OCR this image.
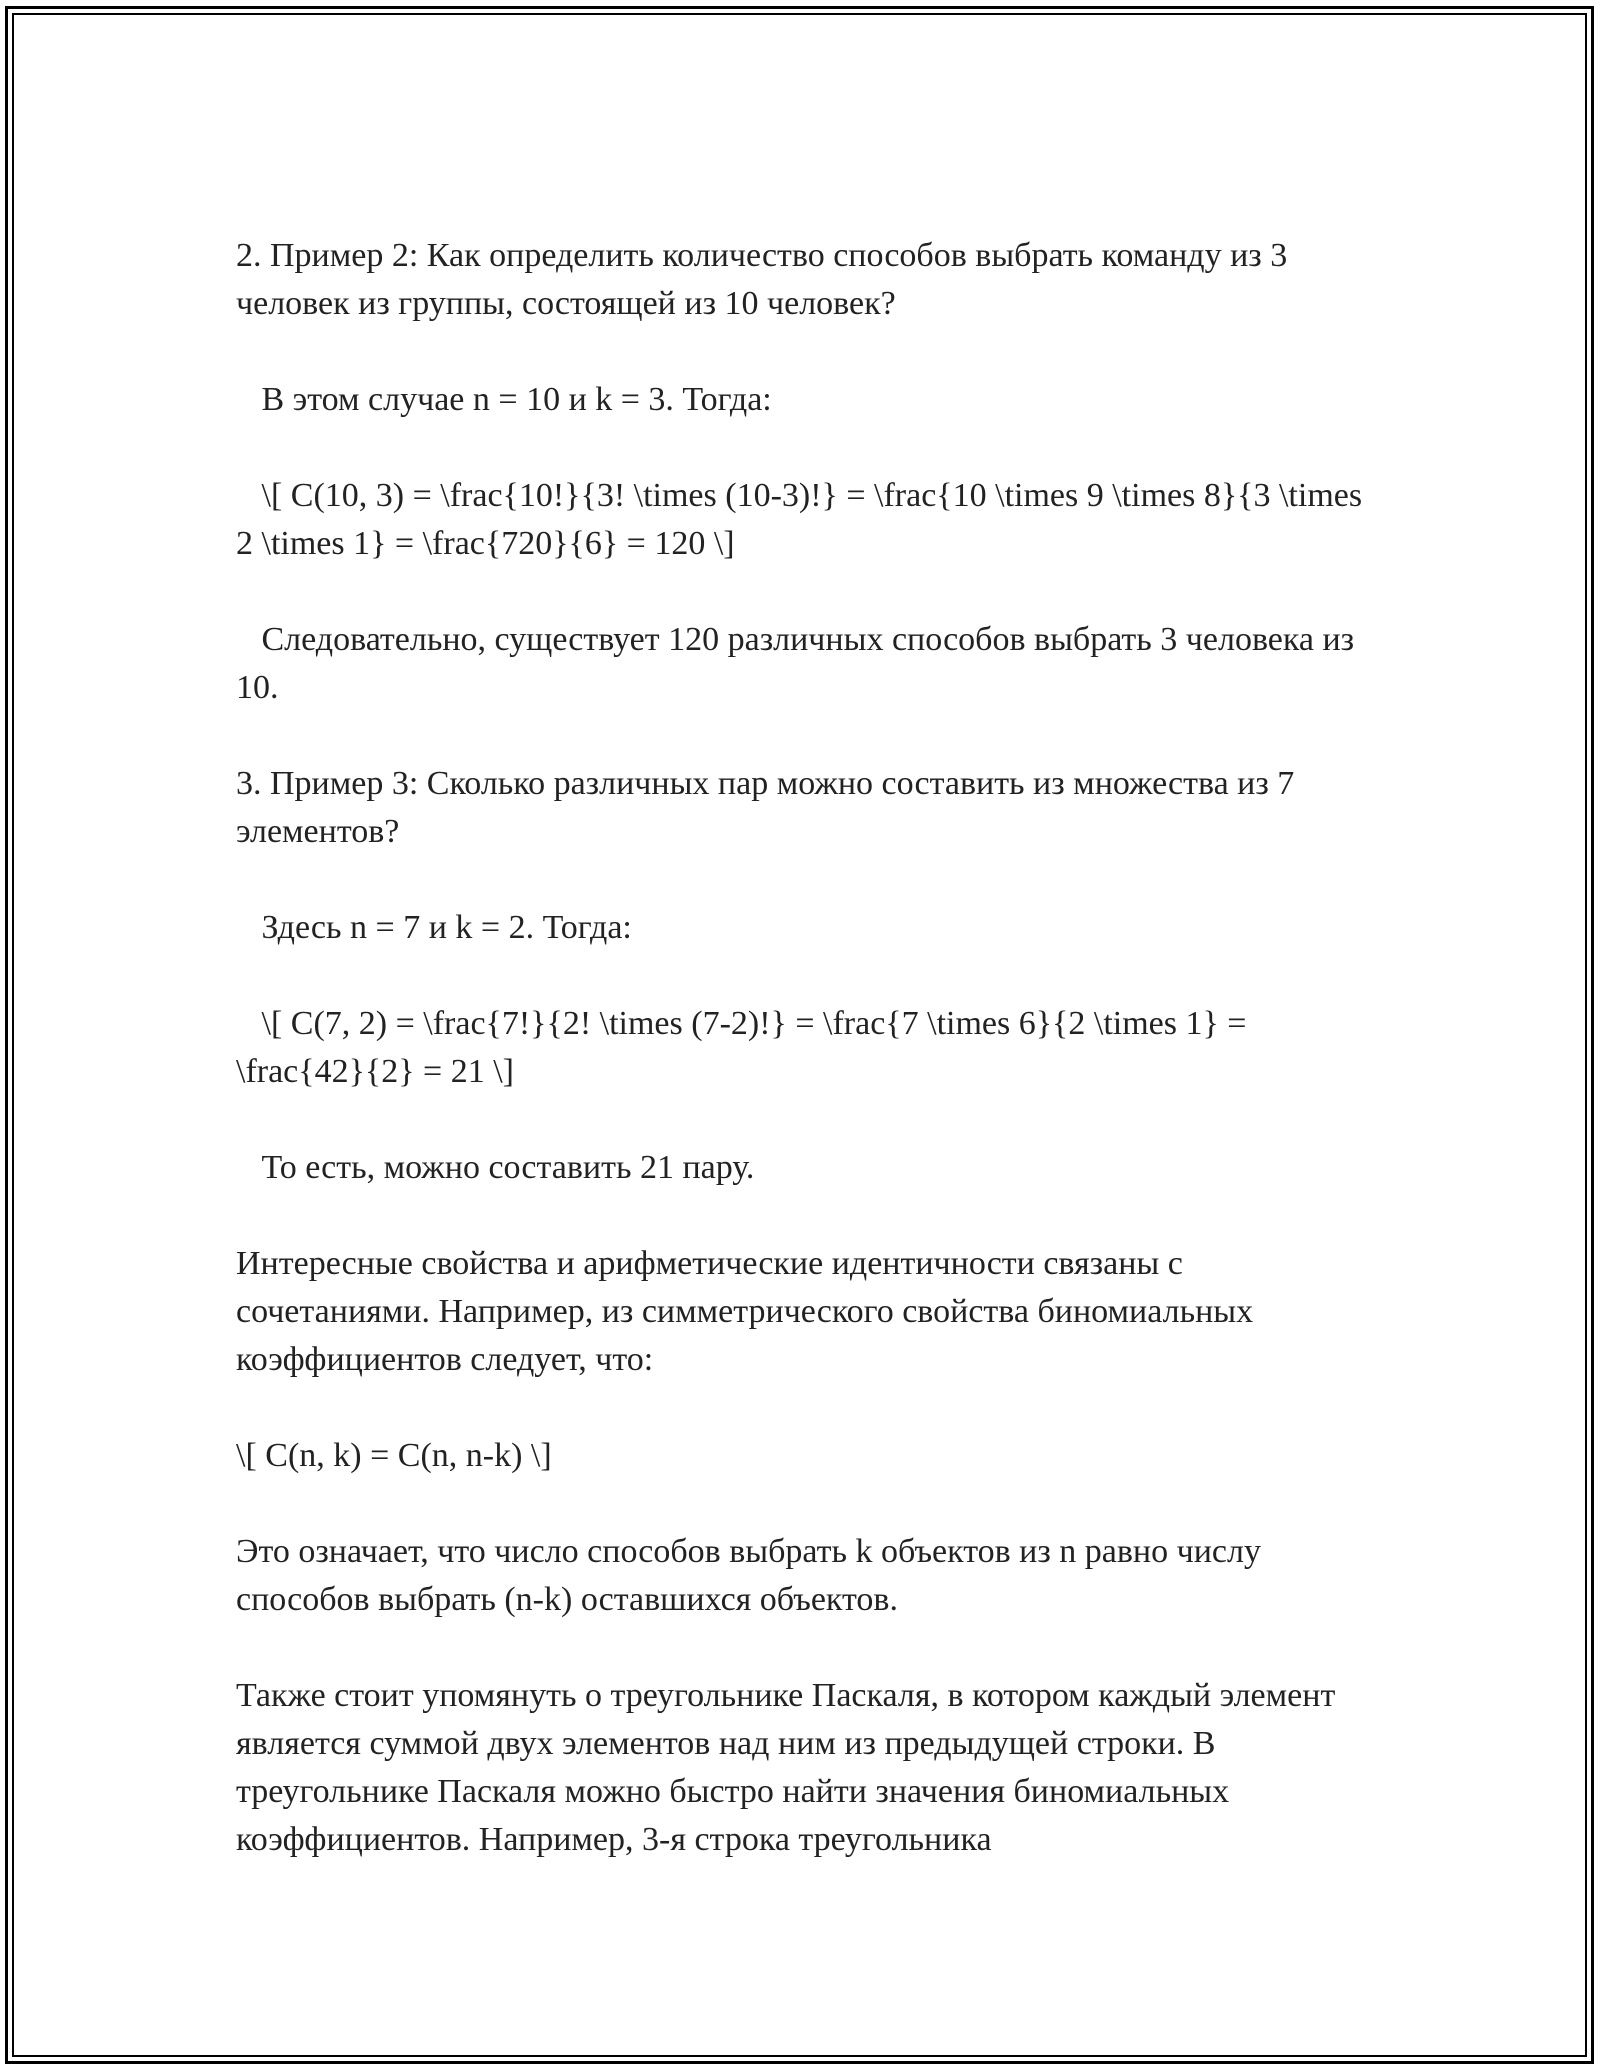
2. Пример 2: Как определить количество способов выбрать команду из 3 человек из группы, состоящей из 10 человек?

В этом случае n = 10 и k = 3. Тогда:

\[ C(10, 3) = \frac{10!}{3! \times (10-3)!} = \frac{10 \times 9 \times 8}{3 \times 2 \times 1} = \frac{720}{6} = 120 \]

Следовательно, существует 120 различных способов выбрать 3 человека из 10.

3. Пример 3: Сколько различных пар можно составить из множества из 7 элементов?

Здесь n = 7 и k = 2. Тогда:

\[ C(7, 2) = \frac{7!}{2! \times (7-2)!} = \frac{7 \times 6}{2 \times 1} = \frac{42}{2} = 21 \]

То есть, можно составить 21 пару.

Интересные свойства и арифметические идентичности связаны с сочетаниями. Например, из симметрического свойства биномиальных коэффициентов следует, что:

\[ C(n, k) = C(n, n-k) \]

Это означает, что число способов выбрать k объектов из n равно числу способов выбрать (n-k) оставшихся объектов.

Также стоит упомянуть о треугольнике Паскаля, в котором каждый элемент является суммой двух элементов над ним из предыдущей строки. В треугольнике Паскаля можно быстро найти значения биномиальных коэффициентов. Например, 3-я строка треугольника
